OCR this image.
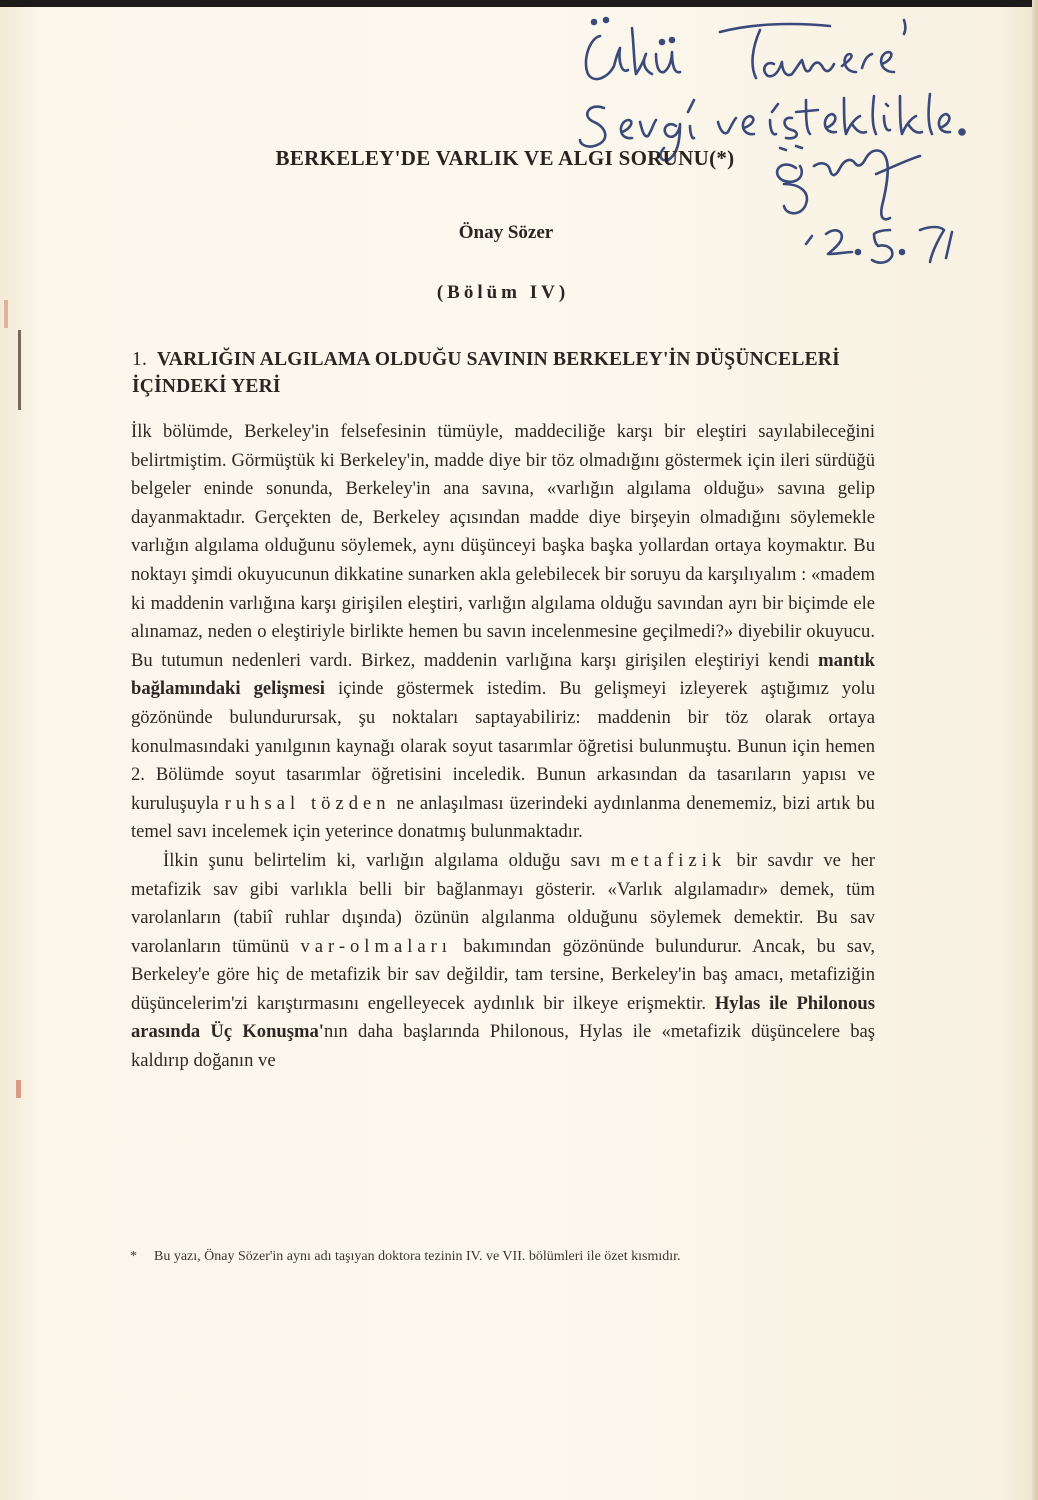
BERKELEY'DE VARLIK VE ALGI SORUNU(*)
Önay Sözer
(Bölüm IV)
1. VARLIĞIN ALGILAMA OLDUĞU SAVININ BERKELEY'İN DÜŞÜNCELERİ İÇİNDEKİ YERİ

İlk bölümde, Berkeley'in felsefesinin tümüyle, maddeciliğe karşı bir eleştiri sayılabileceğini belirtmiştim. Görmüştük ki Berkeley'in, madde diye bir töz olmadığını göstermek için ileri sürdüğü belgeler eninde sonunda, Berkeley'in ana savına, «varlığın algılama olduğu» savına gelip dayanmaktadır. Gerçekten de, Berkeley açısından madde diye birşeyin olmadığını söylemekle varlığın algılama olduğunu söylemek, aynı düşünceyi başka başka yollardan ortaya koymaktır. Bu noktayı şimdi okuyucunun dikkatine sunarken akla gelebilecek bir soruyu da karşılıyalım : «madem ki maddenin varlığına karşı girişilen eleştiri, varlığın algılama olduğu savından ayrı bir biçimde ele alınamaz, neden o eleştiriyle birlikte hemen bu savın incelenmesine geçilmedi?» diyebilir okuyucu. Bu tutumun nedenleri vardı. Birkez, maddenin varlığına karşı girişilen eleştiriyi kendi mantık bağlamındaki gelişmesi içinde göstermek istedim. Bu gelişmeyi izleyerek aştığımız yolu gözönünde bulundurursak, şu noktaları saptayabiliriz: maddenin bir töz olarak ortaya konulmasındaki yanılgının kaynağı olarak soyut tasarımlar öğretisi bulunmuştu. Bunun için hemen 2. Bölümde soyut tasarımlar öğretisini inceledik. Bunun arkasından da tasarıların yapısı ve kuruluşuyla ruhsal tözden ne anlaşılması üzerindeki aydınlanma denememiz, bizi artık bu temel savı incelemek için yeterince donatmış bulunmaktadır.

İlkin şunu belirtelim ki, varlığın algılama olduğu savı metafizik bir savdır ve her metafizik sav gibi varlıkla belli bir bağlanmayı gösterir. «Varlık algılamadır» demek, tüm varolanların (tabiî ruhlar dışında) özünün algılanma olduğunu söylemek demektir. Bu sav varolanların tümünü var-olmaları bakımından gözönünde bulundurur. Ancak, bu sav, Berkeley'e göre hiç de metafizik bir sav değildir, tam tersine, Berkeley'in baş amacı, metafiziğin düşüncelerim'zi karıştırmasını engelleyecek aydınlık bir ilkeye erişmektir. Hylas ile Philonous arasında Üç Konuşma'nın daha başlarında Philonous, Hylas ile «metafizik düşüncelere baş kaldırıp doğanın ve

*	Bu yazı, Önay Sözer'in aynı adı taşıyan doktora tezinin IV. ve VII. bölümleri ile özet kısmıdır.
